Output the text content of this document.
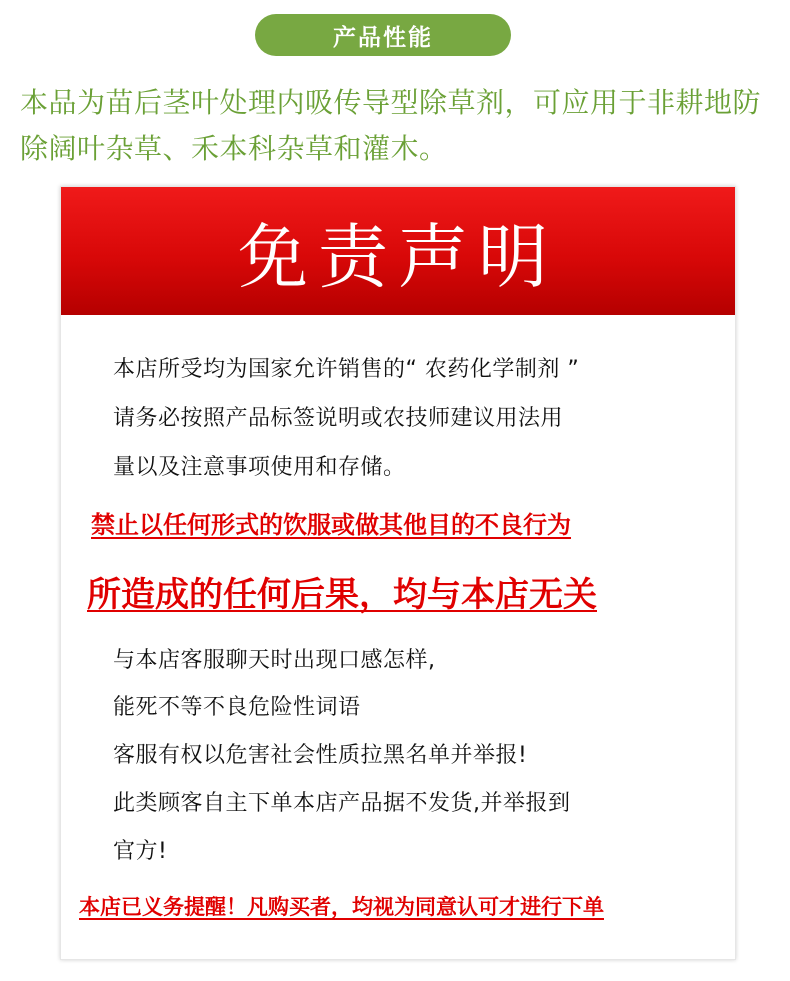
产品性能
本品为苗后茎叶处理内吸传导型除草剂，可应用于非耕地防除阔叶杂草、禾本科杂草和灌木。
免责声明
本店所受均为国家允许销售的“ 农药化学制剂 ”
请务必按照产品标签说明或农技师建议用法用
量以及注意事项使用和存储。
禁止以任何形式的饮服或做其他目的不良行为
所造成的任何后果，均与本店无关
与本店客服聊天时出现口感怎样,
能死不等不良危险性词语
客服有权以危害社会性质拉黑名单并举报!
此类顾客自主下单本店产品据不发货,并举报到
官方!
本店已义务提醒！凡购买者，均视为同意认可才进行下单
